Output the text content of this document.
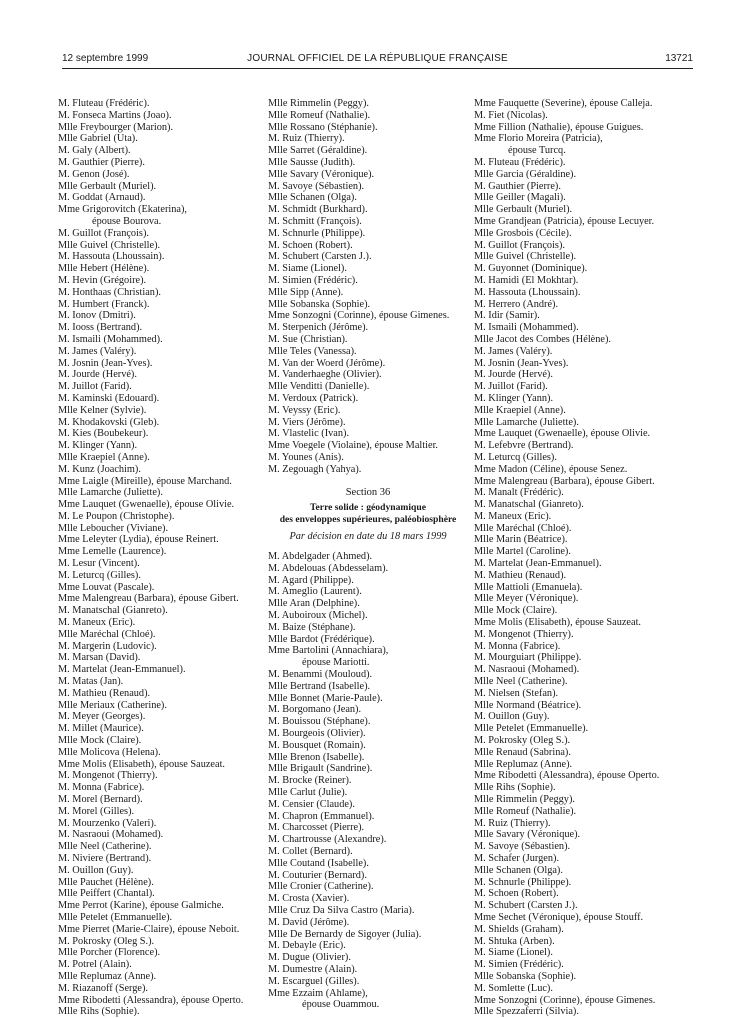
12 septembre 1999	JOURNAL OFFICIEL DE LA RÉPUBLIQUE FRANÇAISE	13721
M. Fluteau (Frédéric).
M. Fonseca Martins (Joao).
Mlle Freybourger (Marion).
Mlle Gabriel (Uta).
M. Galy (Albert).
M. Gauthier (Pierre).
M. Genon (José).
Mlle Gerbault (Muriel).
M. Goddat (Arnaud).
Mme Grigorovitch (Ekaterina),
épouse Bourova.
M. Guillot (François).
Mlle Guivel (Christelle).
M. Hassouta (Lhoussain).
Mlle Hebert (Hélène).
M. Hevin (Grégoire).
M. Honthaas (Christian).
M. Humbert (Franck).
M. Ionov (Dmitri).
M. Iooss (Bertrand).
M. Ismaili (Mohammed).
M. James (Valéry).
M. Josnin (Jean-Yves).
M. Jourde (Hervé).
M. Juillot (Farid).
M. Kaminski (Edouard).
Mlle Kelner (Sylvie).
M. Khodakovski (Gleb).
M. Kies (Boubekeur).
M. Klinger (Yann).
Mlle Kraepiel (Anne).
M. Kunz (Joachim).
Mme Laigle (Mireille), épouse Marchand.
Mlle Lamarche (Juliette).
Mme Lauquet (Gwenaelle), épouse Olivie.
M. Le Poupon (Christophe).
Mlle Leboucher (Viviane).
Mme Leleyter (Lydia), épouse Reinert.
Mme Lemelle (Laurence).
M. Lesur (Vincent).
M. Leturcq (Gilles).
Mme Louvat (Pascale).
Mme Malengreau (Barbara), épouse Gibert.
M. Manatschal (Gianreto).
M. Maneux (Eric).
Mlle Maréchal (Chloé).
M. Margerin (Ludovic).
M. Marsan (David).
M. Martelat (Jean-Emmanuel).
M. Matas (Jan).
M. Mathieu (Renaud).
Mlle Meriaux (Catherine).
M. Meyer (Georges).
M. Millet (Maurice).
Mlle Mock (Claire).
Mlle Molicova (Helena).
Mme Molis (Elisabeth), épouse Sauzeat.
M. Mongenot (Thierry).
M. Monna (Fabrice).
M. Morel (Bernard).
M. Morel (Gilles).
M. Mourzenko (Valeri).
M. Nasraoui (Mohamed).
Mlle Neel (Catherine).
M. Niviere (Bertrand).
M. Ouillon (Guy).
Mlle Pauchet (Hélène).
Mlle Peiffert (Chantal).
Mme Perrot (Karine), épouse Galmiche.
Mlle Petelet (Emmanuelle).
Mme Pierret (Marie-Claire), épouse Neboit.
M. Pokrosky (Oleg S.).
Mlle Porcher (Florence).
M. Potrel (Alain).
Mlle Replumaz (Anne).
M. Riazanoff (Serge).
Mme Ribodetti (Alessandra), épouse Operto.
Mlle Rihs (Sophie).
Mlle Rimmelin (Peggy).
Mlle Romeuf (Nathalie).
Mlle Rossano (Stéphanie).
M. Ruiz (Thierry).
Mlle Sarret (Géraldine).
Mlle Sausse (Judith).
Mlle Savary (Véronique).
M. Savoye (Sébastien).
Mlle Schanen (Olga).
M. Schmidt (Burkhard).
M. Schmitt (François).
M. Schnurle (Philippe).
M. Schoen (Robert).
M. Schubert (Carsten J.).
M. Siame (Lionel).
M. Simien (Frédéric).
Mlle Sipp (Anne).
Mlle Sobanska (Sophie).
Mme Sonzogni (Corinne), épouse Gimenes.
M. Sterpenich (Jérôme).
M. Sue (Christian).
Mlle Teles (Vanessa).
M. Van der Woerd (Jérôme).
M. Vanderhaeghe (Olivier).
Mlle Venditti (Danielle).
M. Verdoux (Patrick).
M. Veyssy (Eric).
M. Viers (Jérôme).
M. Vlastelic (Ivan).
Mme Voegele (Violaine), épouse Maltier.
M. Younes (Anis).
M. Zegouagh (Yahya).
Section 36
Terre solide : géodynamique
des enveloppes supérieures, paléobiosphère
Par décision en date du 18 mars 1999
M. Abdelgader (Ahmed).
M. Abdelouas (Abdesselam).
M. Agard (Philippe).
M. Ameglio (Laurent).
Mlle Aran (Delphine).
M. Auboiroux (Michel).
M. Baize (Stéphane).
Mlle Bardot (Frédérique).
Mme Bartolini (Annachiara),
épouse Mariotti.
M. Benammi (Mouloud).
Mlle Bertrand (Isabelle).
Mlle Bonnet (Marie-Paule).
M. Borgomano (Jean).
M. Bouissou (Stéphane).
M. Bourgeois (Olivier).
M. Bousquet (Romain).
Mlle Brenon (Isabelle).
Mlle Brigault (Sandrine).
M. Brocke (Reiner).
Mlle Carlut (Julie).
M. Censier (Claude).
M. Chapron (Emmanuel).
M. Charcosset (Pierre).
M. Chartrousse (Alexandre).
M. Collet (Bernard).
Mlle Coutand (Isabelle).
M. Couturier (Bernard).
Mlle Cronier (Catherine).
M. Crosta (Xavier).
Mlle Cruz Da Silva Castro (Maria).
M. David (Jérôme).
Mlle De Bernardy de Sigoyer (Julia).
M. Debayle (Eric).
M. Dugue (Olivier).
M. Dumestre (Alain).
M. Escarguel (Gilles).
Mme Ezzaim (Ahlame),
épouse Ouammou.
Mme Fauquette (Severine), épouse Calleja.
M. Fiet (Nicolas).
Mme Fillion (Nathalie), épouse Guigues.
Mme Florio Moreira (Patricia),
épouse Turcq.
M. Fluteau (Frédéric).
Mlle Garcia (Géraldine).
M. Gauthier (Pierre).
Mlle Geiller (Magali).
Mlle Gerbault (Muriel).
Mme Grandjean (Patricia), épouse Lecuyer.
Mlle Grosbois (Cécile).
M. Guillot (François).
Mlle Guivel (Christelle).
M. Guyonnet (Dominique).
M. Hamidi (El Mokhtar).
M. Hassouta (Lhoussain).
M. Herrero (André).
M. Idir (Samir).
M. Ismaili (Mohammed).
Mlle Jacot des Combes (Hélène).
M. James (Valéry).
M. Josnin (Jean-Yves).
M. Jourde (Hervé).
M. Juillot (Farid).
M. Klinger (Yann).
Mlle Kraepiel (Anne).
Mlle Lamarche (Juliette).
Mme Lauquet (Gwenaelle), épouse Olivie.
M. Lefebvre (Bertrand).
M. Leturcq (Gilles).
Mme Madon (Céline), épouse Senez.
Mme Malengreau (Barbara), épouse Gibert.
M. Manalt (Frédéric).
M. Manatschal (Gianreto).
M. Maneux (Eric).
Mlle Maréchal (Chloé).
Mlle Marin (Béatrice).
Mlle Martel (Caroline).
M. Martelat (Jean-Emmanuel).
M. Mathieu (Renaud).
Mlle Mattioli (Emanuela).
Mlle Meyer (Véronique).
Mlle Mock (Claire).
Mme Molis (Elisabeth), épouse Sauzeat.
M. Mongenot (Thierry).
M. Monna (Fabrice).
M. Mourguiart (Philippe).
M. Nasraoui (Mohamed).
Mlle Neel (Catherine).
M. Nielsen (Stefan).
Mlle Normand (Béatrice).
M. Ouillon (Guy).
Mlle Petelet (Emmanuelle).
M. Pokrosky (Oleg S.).
Mlle Renaud (Sabrina).
Mlle Replumaz (Anne).
Mme Ribodetti (Alessandra), épouse Operto.
Mlle Rihs (Sophie).
Mlle Rimmelin (Peggy).
Mlle Romeuf (Nathalie).
M. Ruiz (Thierry).
Mlle Savary (Véronique).
M. Savoye (Sébastien).
M. Schafer (Jurgen).
Mlle Schanen (Olga).
M. Schnurle (Philippe).
M. Schoen (Robert).
M. Schubert (Carsten J.).
Mme Sechet (Véronique), épouse Stouff.
M. Shields (Graham).
M. Shtuka (Arben).
M. Siame (Lionel).
M. Simien (Frédéric).
Mlle Sobanska (Sophie).
M. Somlette (Luc).
Mme Sonzogni (Corinne), épouse Gimenes.
Mlle Spezzaferri (Silvia).
